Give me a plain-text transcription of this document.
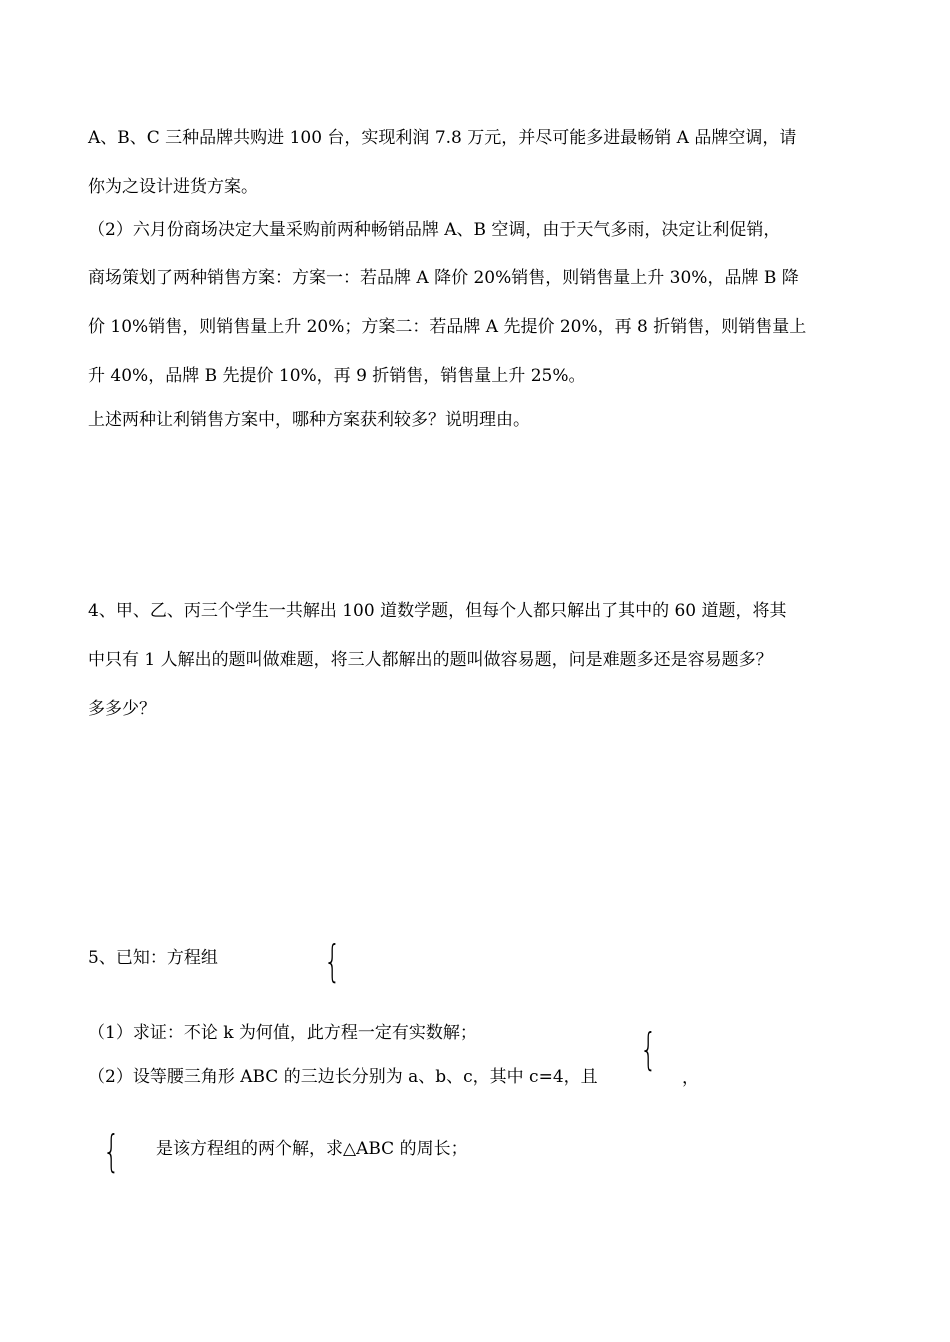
A、B、C 三种品牌共购进 100 台，实现利润 7.8 万元，并尽可能多进最畅销 A 品牌空调，请

你为之设计进货方案。

（2）六月份商场决定大量采购前两种畅销品牌 A、B 空调，由于天气多雨，决定让利促销，

商场策划了两种销售方案：方案一：若品牌 A 降价 20%销售，则销售量上升 30%，品牌 B 降

价 10%销售，则销售量上升 20%；方案二：若品牌 A 先提价 20%，再 8 折销售，则销售量上

升 40%，品牌 B 先提价 10%，再 9 折销售，销售量上升 25%。

上述两种让利销售方案中，哪种方案获利较多？说明理由。

4、甲、乙、丙三个学生一共解出 100 道数学题，但每个人都只解出了其中的 60 道题，将其

中只有 1 人解出的题叫做难题，将三人都解出的题叫做容易题，问是难题多还是容易题多？

多多少？

5、已知：方程组 {

（1）求证：不论 k 为何值，此方程一定有实数解；

（2）设等腰三角形 ABC 的三边长分别为 a、b、c，其中 c=4，且

{

，

{ 是该方程组的两个解，求△ABC 的周长；
